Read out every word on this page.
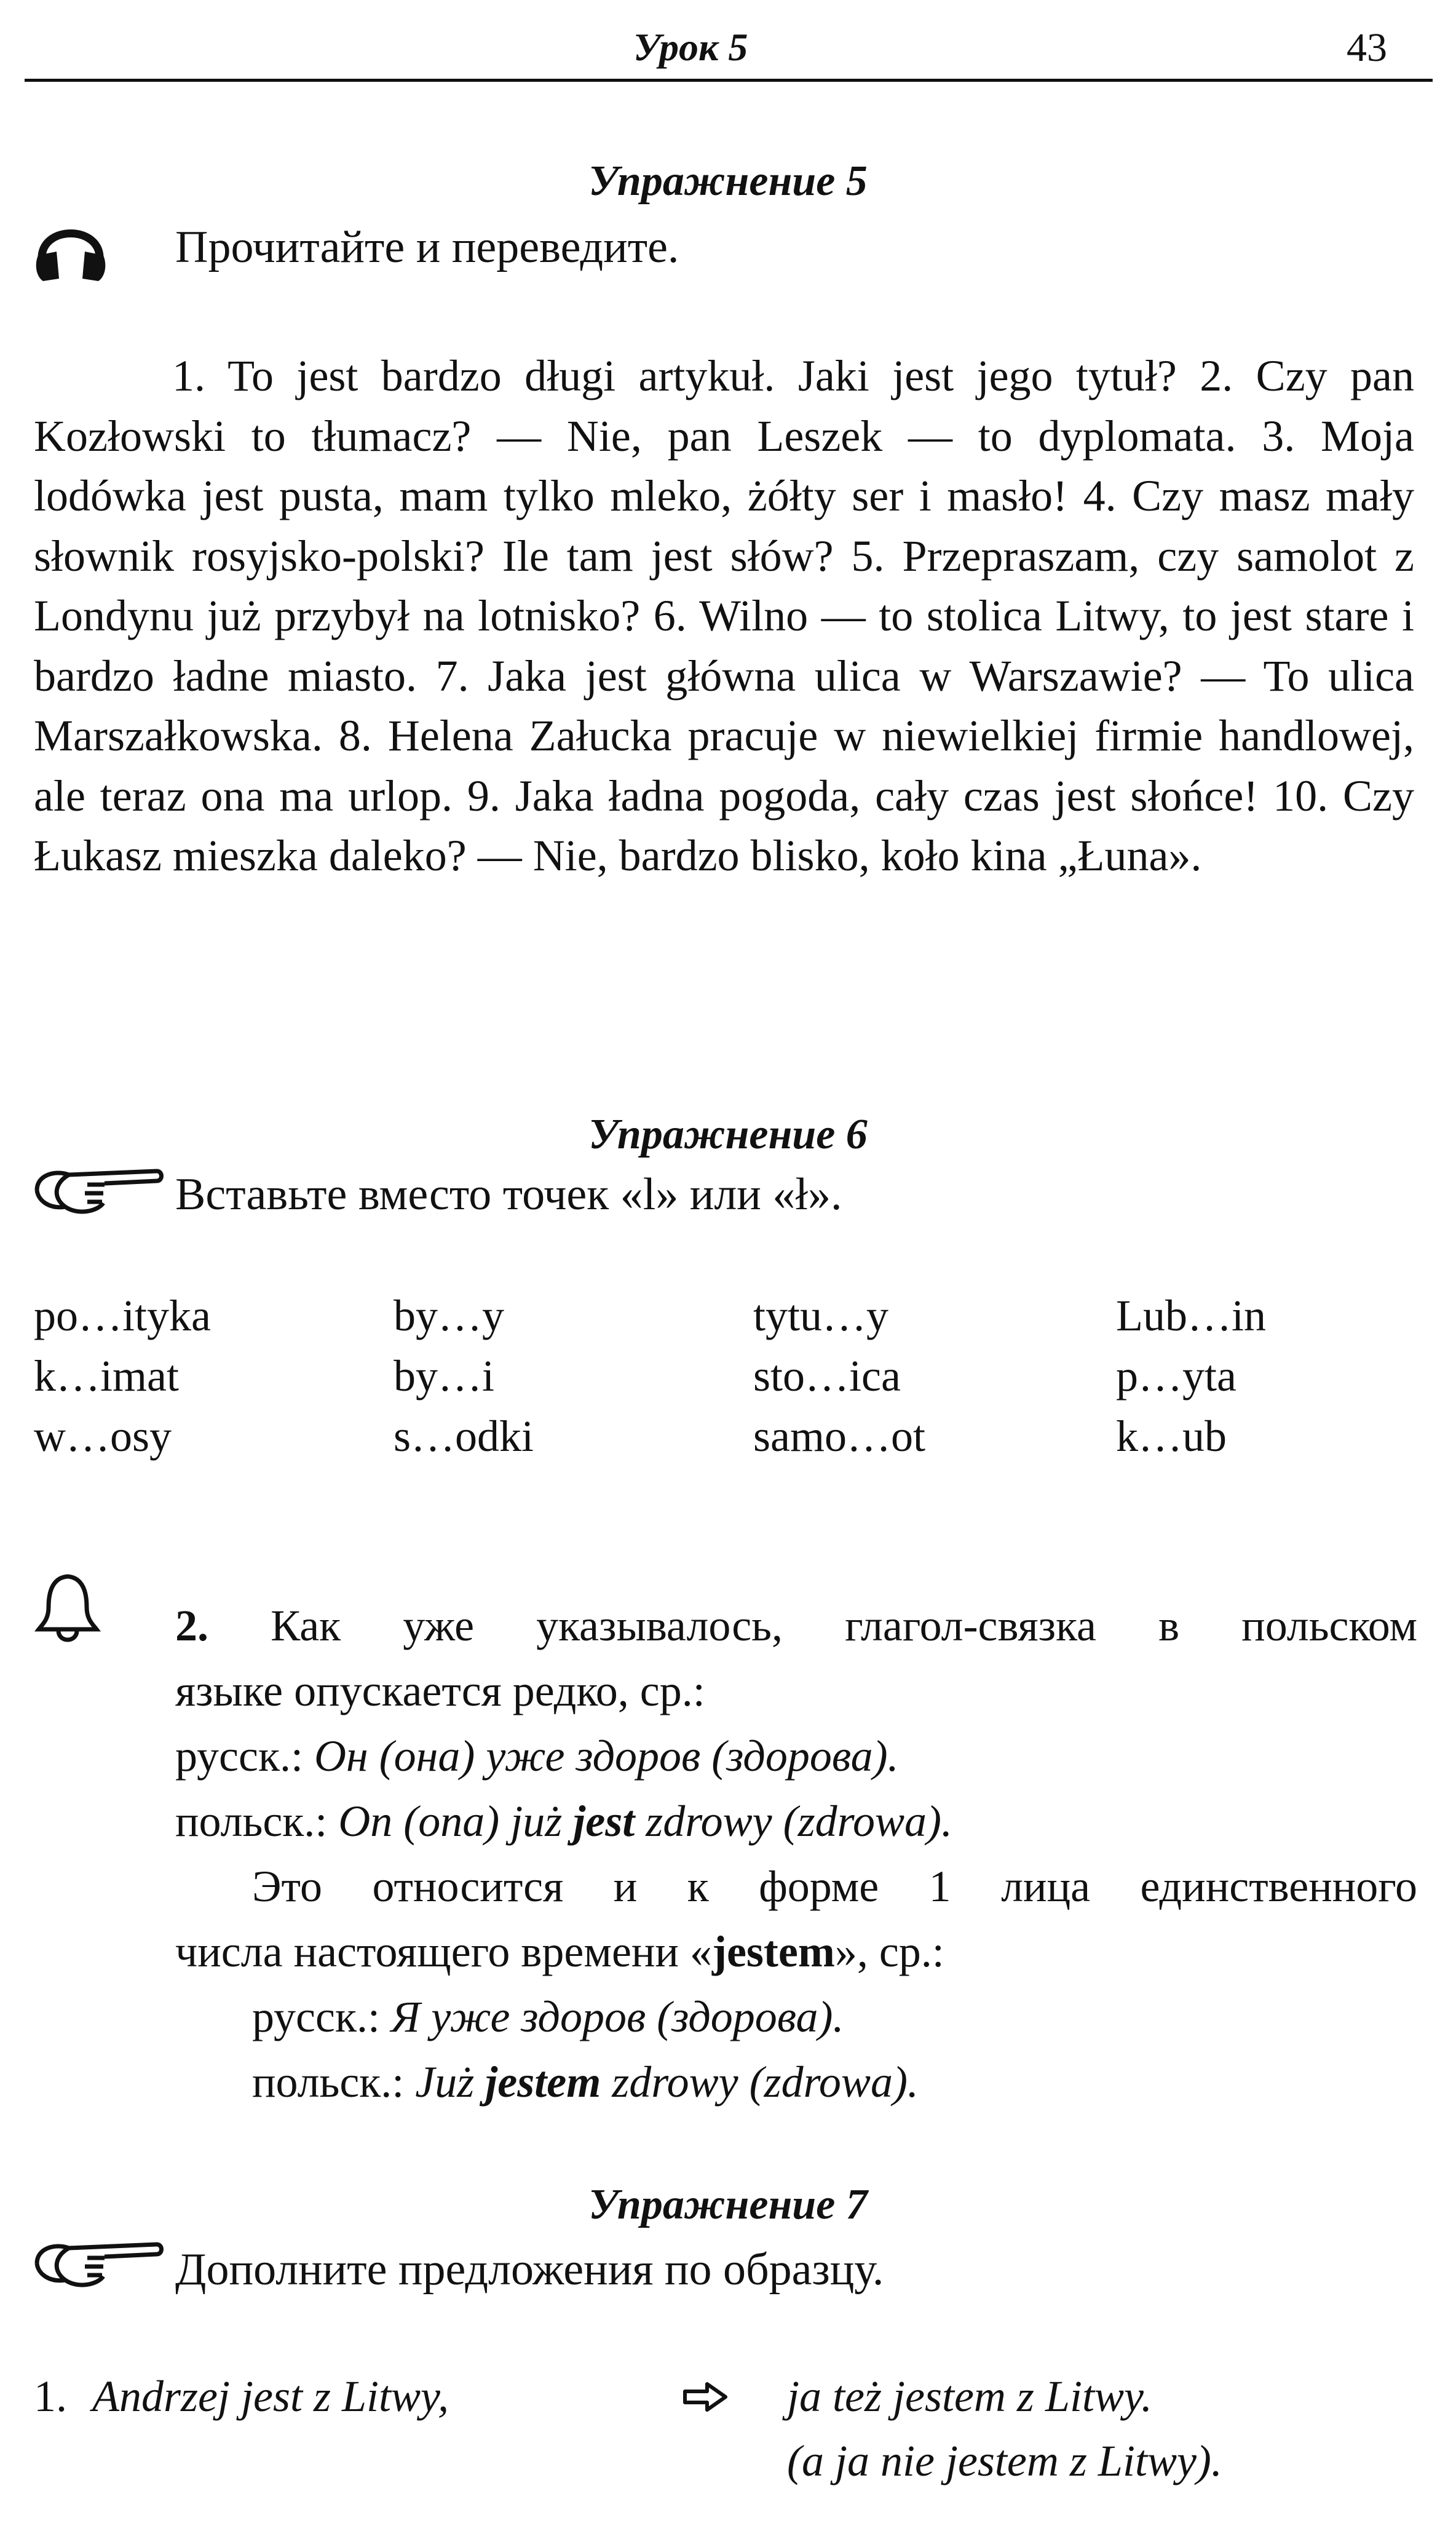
Урок 5	43
Упражнение 5
Прочитайте и переведите.
1. To jest bardzo długi artykuł. Jaki jest jego tytuł? 2. Czy pan Kozłowski to tłumacz? — Nie, pan Leszek — to dyplomata. 3. Moja lodówka jest pusta, mam tylko mleko, żółty ser i masło! 4. Czy masz mały słownik rosyjsko-polski? Ile tam jest słów? 5. Przepraszam, czy samolot z Londynu już przybył na lotnisko? 6. Wilno — to stolica Litwy, to jest stare i bardzo ładne miasto. 7. Jaka jest główna ulica w Warszawie? — To ulica Marszałkowska. 8. Helena Załucka pracuje w niewielkiej firmie handlowej, ale teraz ona ma urlop. 9. Jaka ładna pogoda, cały czas jest słońce! 10. Czy Łukasz mieszka daleko? — Nie, bardzo blisko, koło kina „Łuna».
Упражнение 6
Вставьте вместо точек «l» или «ł».
po…ityka	by…y	tytu…y	Lub…in
k…imat	by…i	sto…ica	p…yta
w…osy	s…odki	samo…ot	k…ub
2. Как уже указывалось, глагол-связка в польском
языке опускается редко, ср.:
русск.: Он (она) уже здоров (здорова).
польск.: On (ona) już jest zdrowy (zdrowa).
Это относится и к форме 1 лица единственного
числа настоящего времени «jestem», ср.:
русск.: Я уже здоров (здорова).
польск.: Już jestem zdrowy (zdrowa).
Упражнение 7
Дополните предложения по образцу.
1. Andrzej jest z Litwy,	ja też jestem z Litwy.
(a ja nie jestem z Litwy).
